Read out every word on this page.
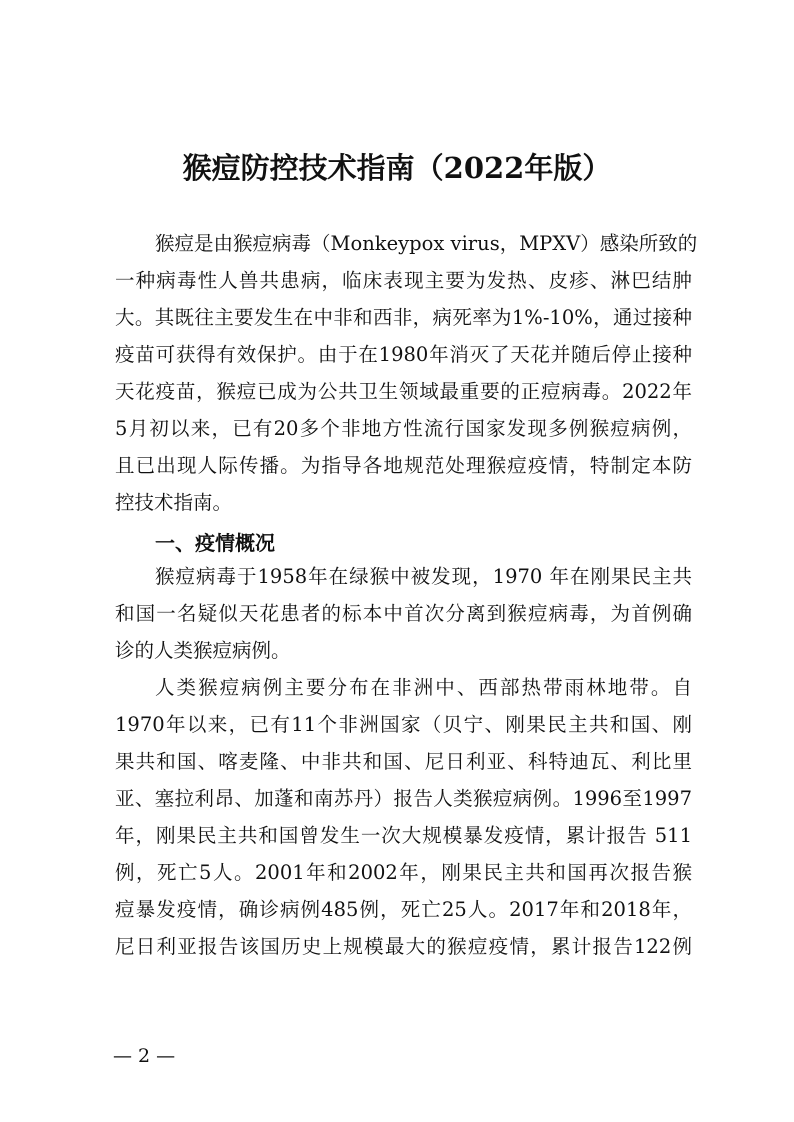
猴痘防控技术指南（2022年版）
猴痘是由猴痘病毒（Monkeypox virus，MPXV）感染所致的
一种病毒性人兽共患病，临床表现主要为发热、皮疹、淋巴结肿
大。其既往主要发生在中非和西非，病死率为1%-10%，通过接种
疫苗可获得有效保护。由于在1980年消灭了天花并随后停止接种
天花疫苗，猴痘已成为公共卫生领域最重要的正痘病毒。2022年
5月初以来，已有20多个非地方性流行国家发现多例猴痘病例，
且已出现人际传播。为指导各地规范处理猴痘疫情，特制定本防
控技术指南。
一、疫情概况
猴痘病毒于1958年在绿猴中被发现，1970 年在刚果民主共
和国一名疑似天花患者的标本中首次分离到猴痘病毒，为首例确
诊的人类猴痘病例。
人类猴痘病例主要分布在非洲中、西部热带雨林地带。自
1970年以来，已有11个非洲国家（贝宁、刚果民主共和国、刚
果共和国、喀麦隆、中非共和国、尼日利亚、科特迪瓦、利比里
亚、塞拉利昂、加蓬和南苏丹）报告人类猴痘病例。1996至1997
年，刚果民主共和国曾发生一次大规模暴发疫情，累计报告 511
例，死亡5人。2001年和2002年，刚果民主共和国再次报告猴
痘暴发疫情，确诊病例485例，死亡25人。2017年和2018年，
尼日利亚报告该国历史上规模最大的猴痘疫情，累计报告122例
— 2 —
